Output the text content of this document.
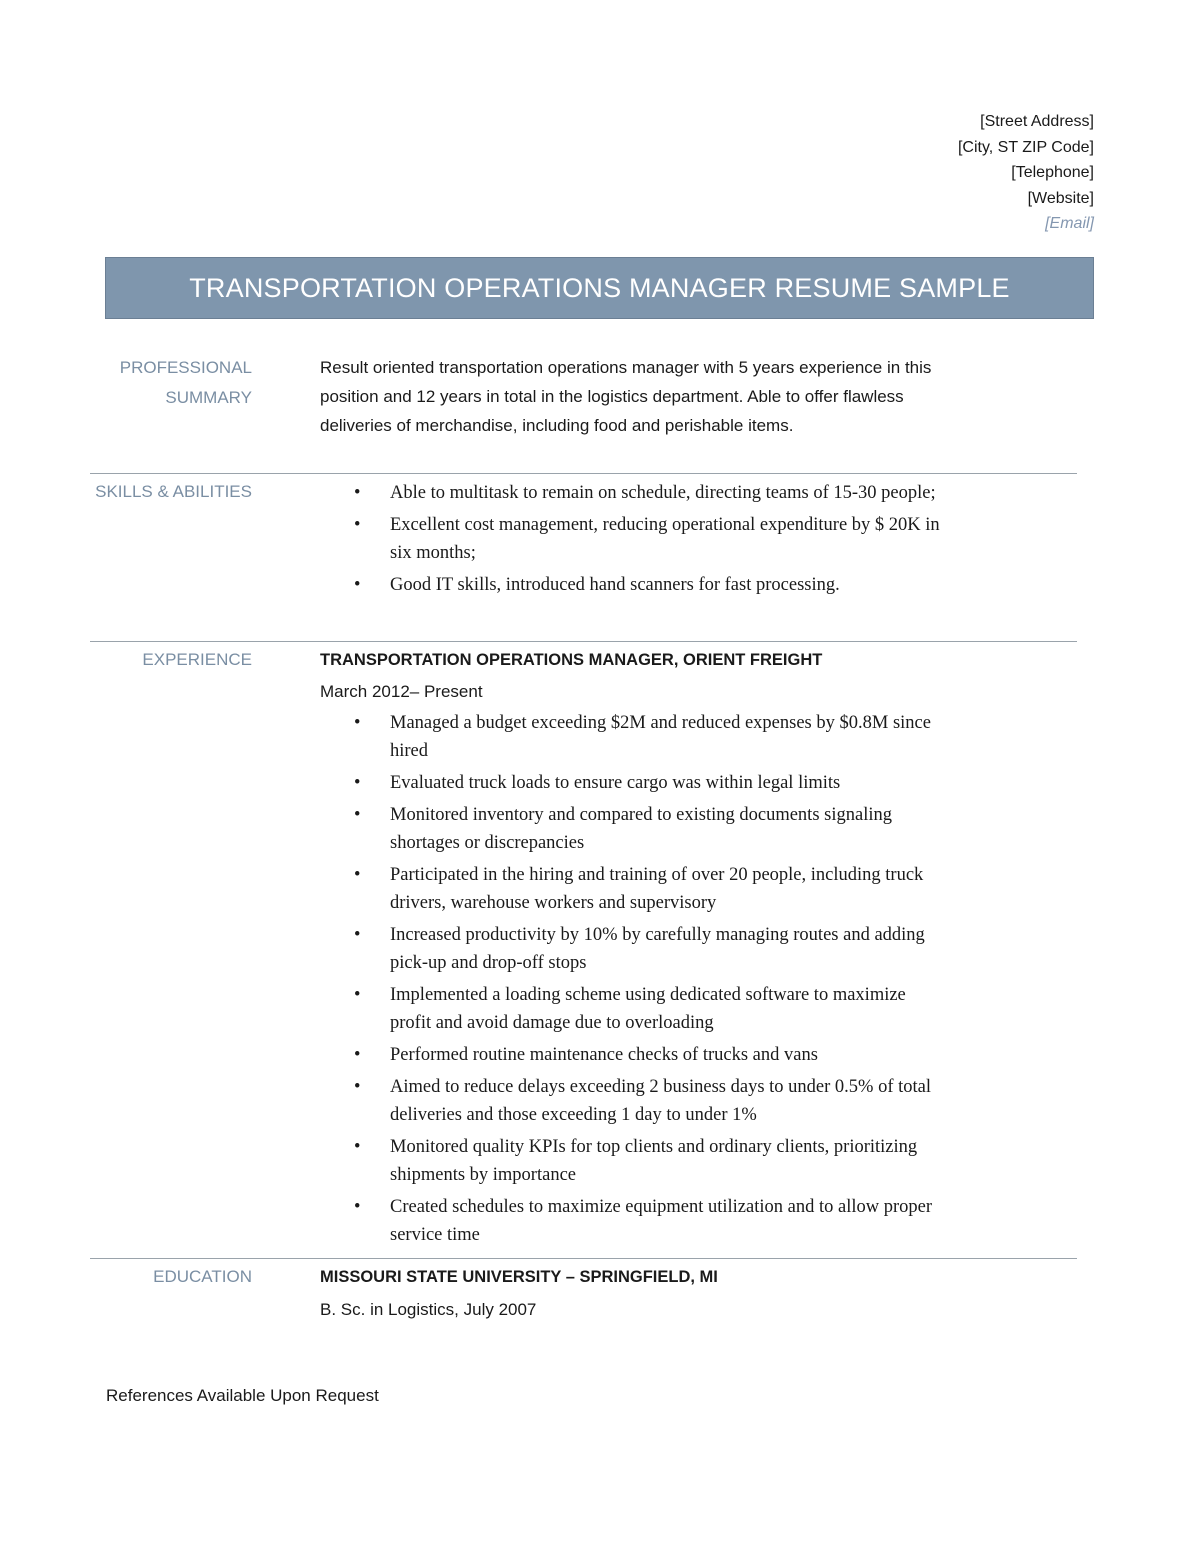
[Street Address]
[City, ST ZIP Code]
[Telephone]
[Website]
[Email]
TRANSPORTATION OPERATIONS MANAGER RESUME SAMPLE
PROFESSIONAL
SUMMARY
Result oriented transportation operations manager with 5 years experience in this position and 12 years in total in the logistics department. Able to offer flawless deliveries of merchandise, including food and perishable items.
SKILLS & ABILITIES	• Able to multitask to remain on schedule, directing teams of 15-30 people;
• Excellent cost management, reducing operational expenditure by $ 20K in six months;
• Good IT skills, introduced hand scanners for fast processing.
EXPERIENCE	TRANSPORTATION OPERATIONS MANAGER, ORIENT FREIGHT
March 2012– Present
• Managed a budget exceeding $2M and reduced expenses by $0.8M since hired
• Evaluated truck loads to ensure cargo was within legal limits
• Monitored inventory and compared to existing documents signaling shortages or discrepancies
• Participated in the hiring and training of over 20 people, including truck drivers, warehouse workers and supervisory
• Increased productivity by 10% by carefully managing routes and adding pick-up and drop-off stops
• Implemented a loading scheme using dedicated software to maximize profit and avoid damage due to overloading
• Performed routine maintenance checks of trucks and vans
• Aimed to reduce delays exceeding 2 business days to under 0.5% of total deliveries and those exceeding 1 day to under 1%
• Monitored quality KPIs for top clients and ordinary clients, prioritizing shipments by importance
• Created schedules to maximize equipment utilization and to allow proper service time
EDUCATION	MISSOURI STATE UNIVERSITY – SPRINGFIELD, MI
B. Sc. in Logistics, July 2007
References Available Upon Request
